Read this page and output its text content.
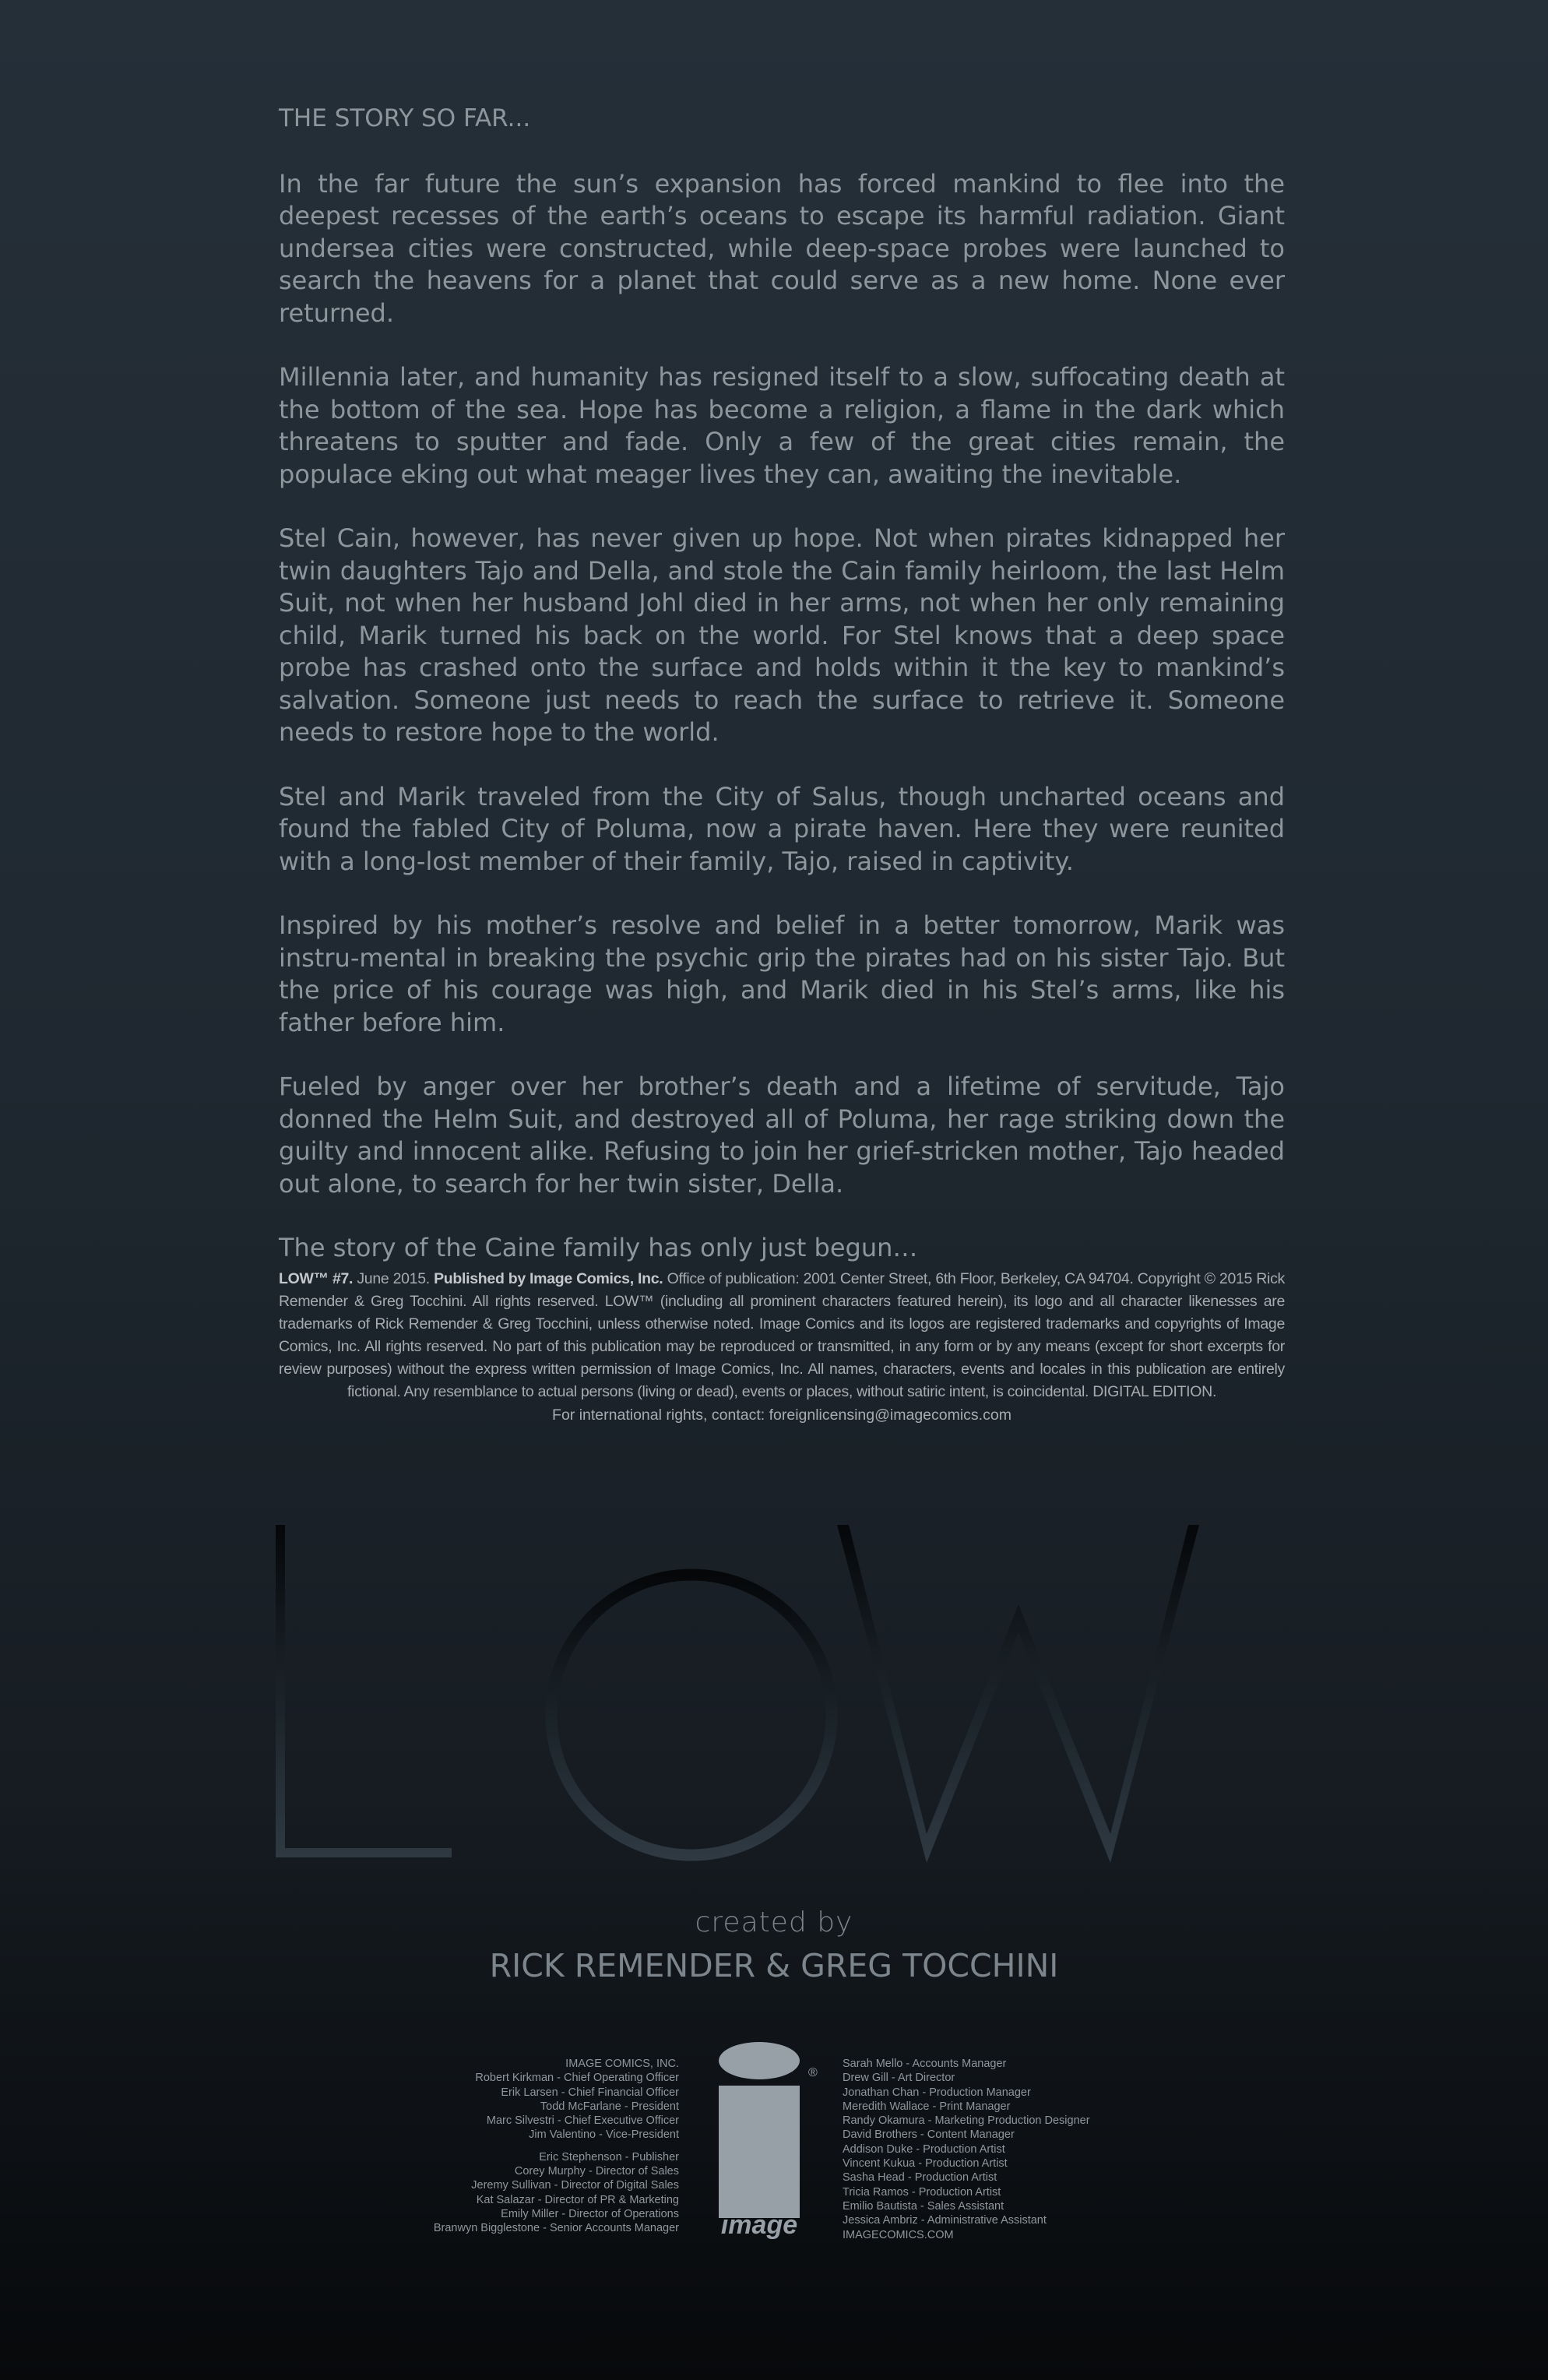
THE STORY SO FAR...

In the far future the sun’s expansion has forced mankind to flee into the deepest recesses of the earth’s oceans to escape its harmful radiation. Giant undersea cities were constructed, while deep-space probes were launched to search the heavens for a planet that could serve as a new home. None ever returned.

Millennia later, and humanity has resigned itself to a slow, suffocating death at the bottom of the sea. Hope has become a religion, a flame in the dark which threatens to sputter and fade. Only a few of the great cities remain, the populace eking out what meager lives they can, awaiting the inevitable.

Stel Cain, however, has never given up hope. Not when pirates kidnapped her twin daughters Tajo and Della, and stole the Cain family heirloom, the last Helm Suit, not when her husband Johl died in her arms, not when her only remaining child, Marik turned his back on the world. For Stel knows that a deep space probe has crashed onto the surface and holds within it the key to mankind’s salvation. Someone just needs to reach the surface to retrieve it. Someone needs to restore hope to the world.

Stel and Marik traveled from the City of Salus, though uncharted oceans and found the fabled City of Poluma, now a pirate haven. Here they were reunited with a long-lost member of their family, Tajo, raised in captivity.

Inspired by his mother’s resolve and belief in a better tomorrow, Marik was instru-mental in breaking the psychic grip the pirates had on his sister Tajo. But the price of his courage was high, and Marik died in his Stel’s arms, like his father before him.

Fueled by anger over her brother’s death and a lifetime of servitude, Tajo donned the Helm Suit, and destroyed all of Poluma, her rage striking down the guilty and innocent alike. Refusing to join her grief-stricken mother, Tajo headed out alone, to search for her twin sister, Della.

The story of the Caine family has only just begun…

LOW™ #7. June 2015. Published by Image Comics, Inc. Office of publication: 2001 Center Street, 6th Floor, Berkeley, CA 94704. Copyright © 2015 Rick Remender & Greg Tocchini. All rights reserved. LOW™ (including all prominent characters featured herein), its logo and all character likenesses are trademarks of Rick Remender & Greg Tocchini, unless otherwise noted. Image Comics and its logos are registered trademarks and copyrights of Image Comics, Inc. All rights reserved. No part of this publication may be reproduced or transmitted, in any form or by any means (except for short excerpts for review purposes) without the express written permission of Image Comics, Inc. All names, characters, events and locales in this publication are entirely fictional. Any resemblance to actual persons (living or dead), events or places, without satiric intent, is coincidental. DIGITAL EDITION.
For international rights, contact: foreignlicensing@imagecomics.com
created by
RICK REMENDER & GREG TOCCHINI
IMAGE COMICS, INC.
Robert Kirkman - Chief Operating Officer
Erik Larsen - Chief Financial Officer
Todd McFarlane - President
Marc Silvestri - Chief Executive Officer
Jim Valentino - Vice-President
Eric Stephenson - Publisher
Corey Murphy - Director of Sales
Jeremy Sullivan - Director of Digital Sales
Kat Salazar - Director of PR & Marketing
Emily Miller - Director of Operations
Branwyn Bigglestone - Senior Accounts Manager image
®
Sarah Mello - Accounts Manager
Drew Gill - Art Director
Jonathan Chan - Production Manager
Meredith Wallace - Print Manager
Randy Okamura - Marketing Production Designer
David Brothers - Content Manager
Addison Duke - Production Artist
Vincent Kukua - Production Artist
Sasha Head - Production Artist
Tricia Ramos - Production Artist
Emilio Bautista - Sales Assistant
Jessica Ambriz - Administrative Assistant
IMAGECOMICS.COM
